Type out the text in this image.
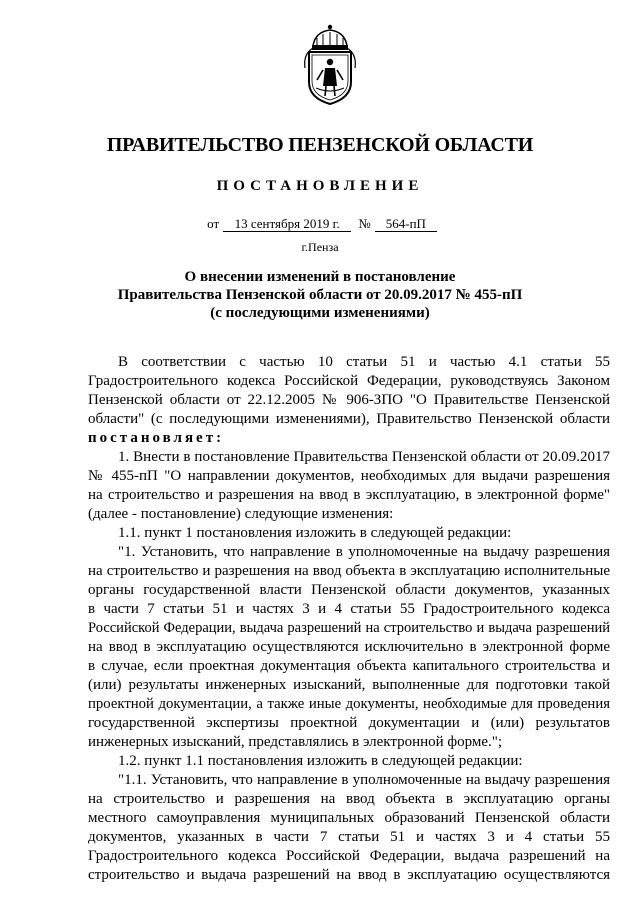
ПРАВИТЕЛЬСТВО ПЕНЗЕНСКОЙ ОБЛАСТИ
ПОСТАНОВЛЕНИЕ
от 13 сентября 2019 г. № 564-пП
г.Пенза
О внесении изменений в постановление
Правительства Пензенской области от 20.09.2017 № 455-пП
(с последующими изменениями)
В соответствии с частью 10 статьи 51 и частью 4.1 статьи 55
Градостроительного кодекса Российской Федерации, руководствуясь Законом
Пензенской области от 22.12.2005 № 906-ЗПО "О Правительстве Пензенской
области" (с последующими изменениями), Правительство Пензенской области
постановляет:
1. Внести в постановление Правительства Пензенской области от 20.09.2017
№ 455-пП "О направлении документов, необходимых для выдачи разрешения
на строительство и разрешения на ввод в эксплуатацию, в электронной форме"
(далее - постановление) следующие изменения:
1.1. пункт 1 постановления изложить в следующей редакции:
"1. Установить, что направление в уполномоченные на выдачу разрешения
на строительство и разрешения на ввод объекта в эксплуатацию исполнительные
органы государственной власти Пензенской области документов, указанных
в части 7 статьи 51 и частях 3 и 4 статьи 55 Градостроительного кодекса
Российской Федерации, выдача разрешений на строительство и выдача разрешений
на ввод в эксплуатацию осуществляются исключительно в электронной форме
в случае, если проектная документация объекта капитального строительства и
(или) результаты инженерных изысканий, выполненные для подготовки такой
проектной документации, а также иные документы, необходимые для проведения
государственной экспертизы проектной документации и (или) результатов
инженерных изысканий, представлялись в электронной форме.";
1.2. пункт 1.1 постановления изложить в следующей редакции:
"1.1. Установить, что направление в уполномоченные на выдачу разрешения
на строительство и разрешения на ввод объекта в эксплуатацию органы
местного самоуправления муниципальных образований Пензенской области
документов, указанных в части 7 статьи 51 и частях 3 и 4 статьи 55
Градостроительного кодекса Российской Федерации, выдача разрешений на
строительство и выдача разрешений на ввод в эксплуатацию осуществляются
